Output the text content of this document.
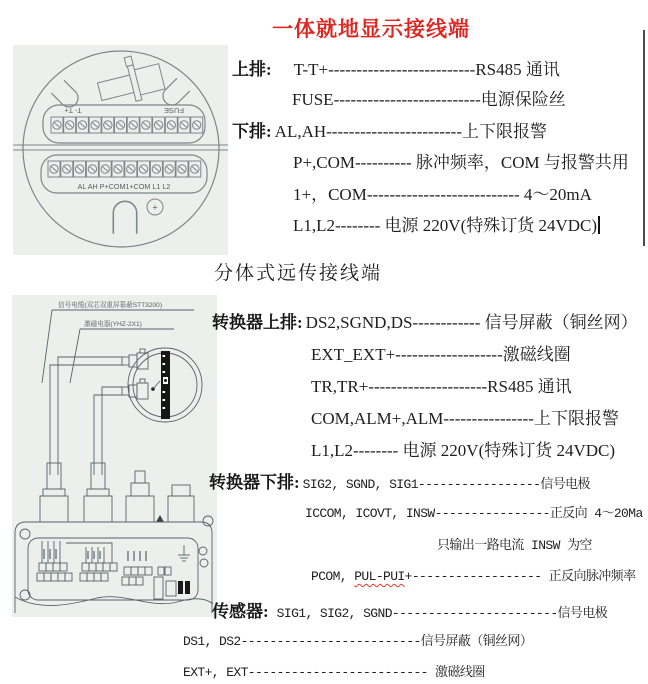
一体就地显示接线端
T- T+	FUSE
AL AH P+COM1+COM L1 L2
+
上排: T-T+--------------------------RS485 通讯
FUSE--------------------------电源保险丝
下排: AL,AH------------------------上下限报警
P+,COM---------- 脉冲频率，COM 与报警共用
1+，COM--------------------------- 4～20mA
L1,L2-------- 电源 220V(特殊订货 24VDC)
分体式远传接线端
信号电缆(双芯双重屏幕蔽STT3200)
激磁电器(YHZ-2X1)	转换器上排: DS2,SGND,DS------------ 信号屏蔽（铜丝网）
EXT_EXT+-------------------激磁线圈
TR,TR+---------------------RS485 通讯
COM,ALM+,ALM----------------上下限报警
L1,L2-------- 电源 220V(特殊订货 24VDC)
转换器下排: SIG2, SGND, SIG1-----------------信号电极
ICCOM, ICOVT, INSW----------------正反向 4～20Ma
只输出一路电流 INSW 为空
PCOM, PUL-PUI+------------------ 正反向脉冲频率
传感器: SIG1, SIG2, SGND-----------------------信号电极
DS1, DS2-------------------------信号屏蔽（铜丝网）
EXT+, EXT------------------------- 激磁线圈
